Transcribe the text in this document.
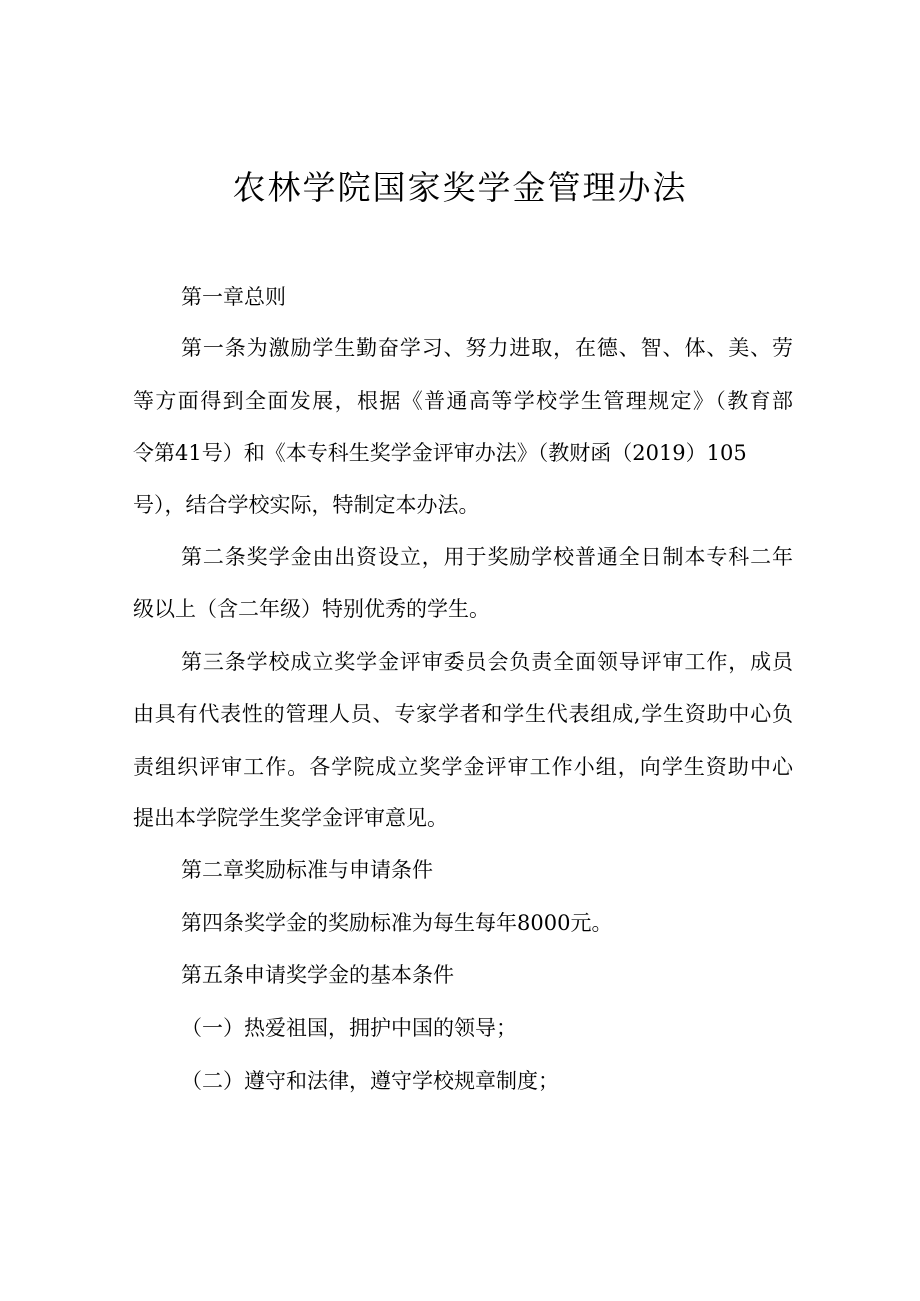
农林学院国家奖学金管理办法
第一章总则
第一条为激励学生勤奋学习、努力进取，在德、智、体、美、劳
等方面得到全面发展，根据《普通高等学校学生管理规定》（教育部
令第41号）和《本专科生奖学金评审办法》（教财函（2019）105
号），结合学校实际，特制定本办法。
第二条奖学金由出资设立，用于奖励学校普通全日制本专科二年
级以上（含二年级）特别优秀的学生。
第三条学校成立奖学金评审委员会负责全面领导评审工作，成员
由具有代表性的管理人员、专家学者和学生代表组成,学生资助中心负
责组织评审工作。各学院成立奖学金评审工作小组，向学生资助中心
提出本学院学生奖学金评审意见。
第二章奖励标准与申请条件
第四条奖学金的奖励标准为每生每年8000元。
第五条申请奖学金的基本条件
（一）热爱祖国，拥护中国的领导；
（二）遵守和法律，遵守学校规章制度；
